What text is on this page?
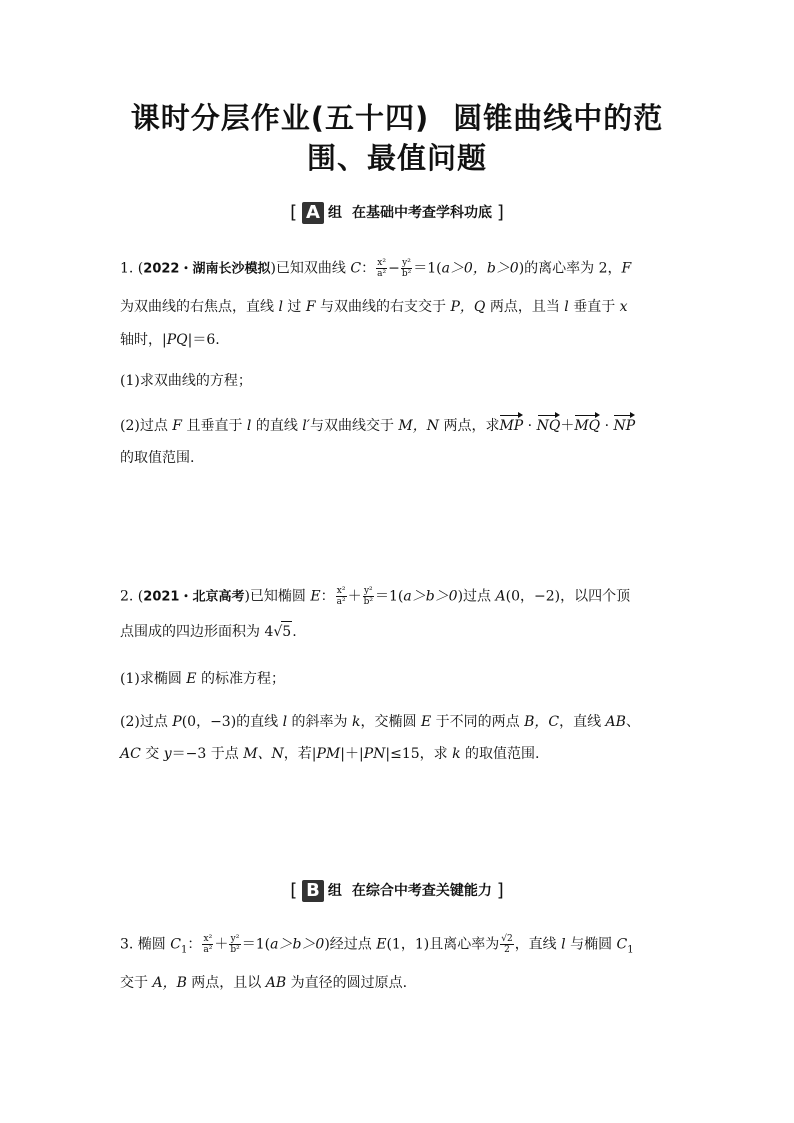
课时分层作业(五十四) 圆锥曲线中的范
围、最值问题
[ A 组 在基础中考查学科功底 ]
1. (2022・湖南长沙模拟)已知双曲线 C： $\frac{\text{x²}}{\text{a²}} - \frac{\text{y²}}{\text{b²}} =1(a>0$，b＞0)的离心率为 2，F
为双曲线的右焦点，直线 l 过 F 与双曲线的右支交于 P，Q 两点，且当 l 垂直于 x
轴时，|PQ|＝6.
(1)求双曲线的方程；
(2)过点 F 且垂直于 l 的直线 l′与双曲线交于 M，N 两点，求MP · NQ＋MQ · NP
的取值范围.
2. (2021・北京高考)已知椭圆 E： $\frac{\text{x²}}{\text{a²}} + \frac{\text{y²}}{\text{b²}} =1(a>b>0)$过点 A(0，−2)，以四个顶
点围成的四边形面积为 4√5.
(1)求椭圆 E 的标准方程；
(2)过点 P(0，−3)的直线 l 的斜率为 k，交椭圆 E 于不同的两点 B，C，直线 AB、
AC 交 y＝−3 于点 M、N，若|PM|＋|PN|≤15，求 k 的取值范围.
[ B 组 在综合中考查关键能力 ]
3. 椭圆 $C_1$： $\frac{\text{x²}}{\text{a²}} + \frac{\text{y²}}{\text{b²}} =1(a>b>0)$经过点 E(1，1)且离心率为 $\frac{√2}{2}$ ，直线 l 与椭圆 $C_1$
交于 A，B 两点，且以 AB 为直径的圆过原点.
